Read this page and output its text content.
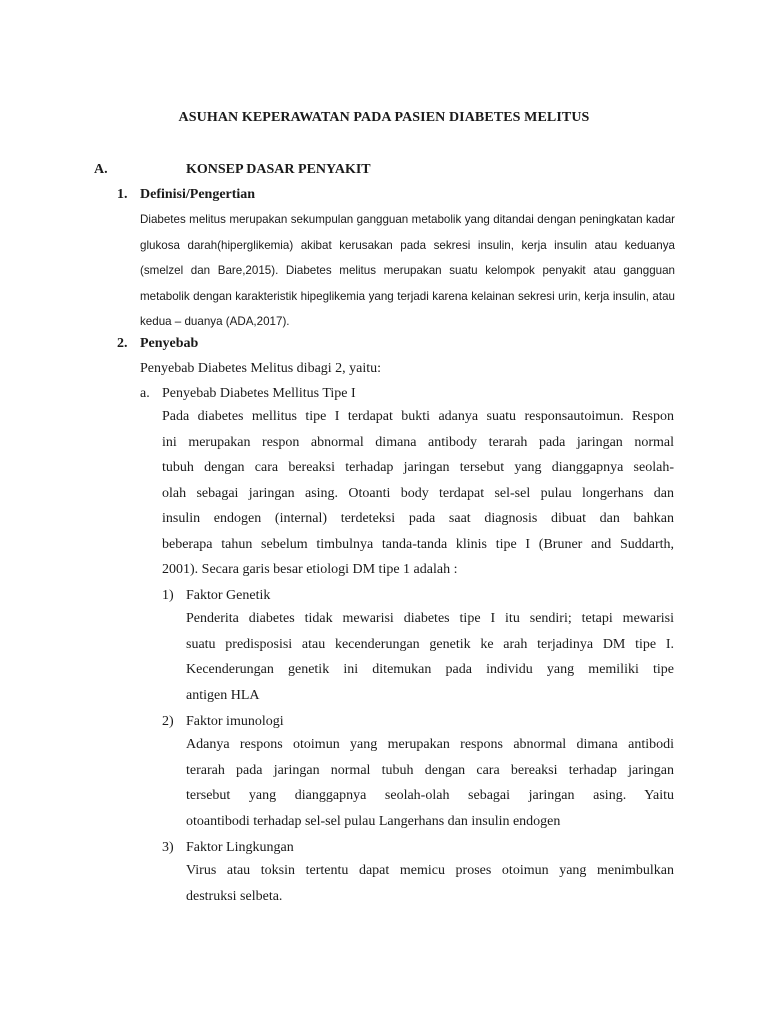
ASUHAN KEPERAWATAN PADA PASIEN DIABETES MELITUS
A.	KONSEP DASAR PENYAKIT
1. Definisi/Pengertian
Diabetes melitus merupakan sekumpulan gangguan metabolik yang ditandai dengan peningkatan kadar glukosa darah(hiperglikemia) akibat kerusakan pada sekresi insulin, kerja insulin atau keduanya (smelzel dan Bare,2015). Diabetes melitus merupakan suatu kelompok penyakit atau gangguan metabolik dengan karakteristik hipeglikemia yang terjadi karena kelainan sekresi urin, kerja insulin, atau kedua – duanya (ADA,2017).
2. Penyebab
Penyebab Diabetes Melitus dibagi 2, yaitu:
a. Penyebab Diabetes Mellitus Tipe I
Pada diabetes mellitus tipe I terdapat bukti adanya suatu responsautoimun. Respon
ini merupakan respon abnormal dimana antibody terarah pada jaringan normal
tubuh dengan cara bereaksi terhadap jaringan tersebut yang dianggapnya seolah-
olah sebagai jaringan asing. Otoanti body terdapat sel-sel pulau longerhans dan
insulin endogen (internal) terdeteksi pada saat diagnosis dibuat dan bahkan
beberapa tahun sebelum timbulnya tanda-tanda klinis tipe I (Bruner and Suddarth,
2001). Secara garis besar etiologi DM tipe 1 adalah :
1) Faktor Genetik
Penderita diabetes tidak mewarisi diabetes tipe I itu sendiri; tetapi mewarisi
suatu predisposisi atau kecenderungan genetik ke arah terjadinya DM tipe I.
Kecenderungan genetik ini ditemukan pada individu yang memiliki tipe
antigen HLA
2) Faktor imunologi
Adanya respons otoimun yang merupakan respons abnormal dimana antibodi
terarah pada jaringan normal tubuh dengan cara bereaksi terhadap jaringan
tersebut yang dianggapnya seolah-olah sebagai jaringan asing. Yaitu
otoantibodi terhadap sel-sel pulau Langerhans dan insulin endogen
3) Faktor Lingkungan
Virus atau toksin tertentu dapat memicu proses otoimun yang menimbulkan
destruksi selbeta.
